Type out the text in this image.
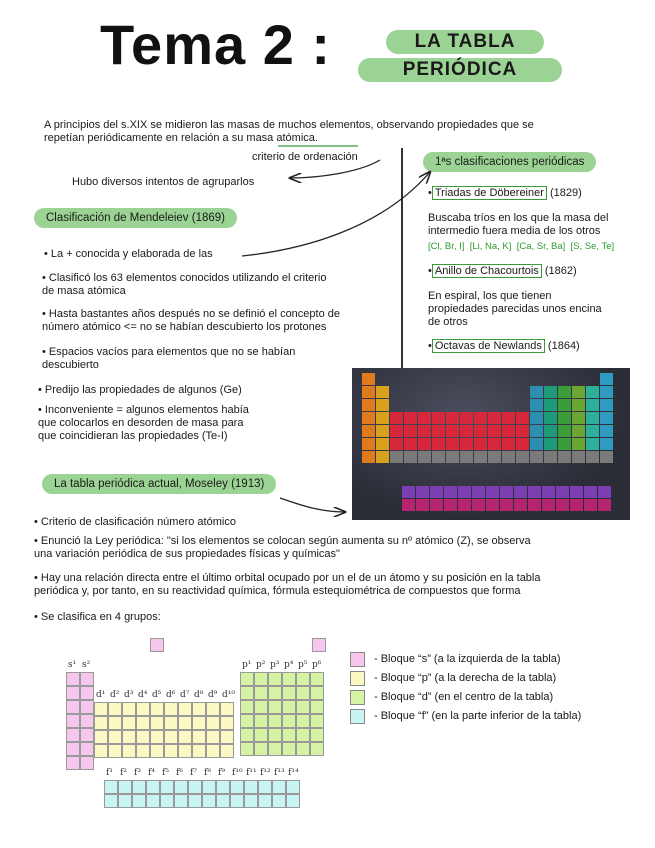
Tema 2 :	LA TABLA
PERIÓDICA
A principios del s.XIX se midieron las masas de muchos elementos, observando propiedades que se
repetían periódicamente en relación a su masa atómica.
criterio de ordenación
Hubo diversos intentos de agruparlos
Clasificación de Mendeleiev (1869)
• La + conocida y elaborada de las
• Clasificó los 63 elementos conocidos utilizando el criterio
de masa atómica
• Hasta bastantes años después no se definió el concepto de
número atómico <= no se habían descubierto los protones
• Espacios vacíos para elementos que no se habían
descubierto
• Predijo las propiedades de algunos (Ge)
• Inconveniente = algunos elementos había
que colocarlos en desorden de masa para
que coincidieran las propiedades (Te-I)
1ªs clasificaciones periódicas
• Triadas de Döbereiner (1829)
Buscaba tríos en los que la masa del
intermedio fuera media de los otros
[Cl, Br, I]  [Li, Na, K]  [Ca, Sr, Ba]  [S, Se, Te]
• Anillo de Chacourtois (1862)
En espiral, los que tienen
propiedades parecidas unos encina
de otros
• Octavas de Newlands (1864)
La tabla periódica actual, Moseley (1913)
• Criterio de clasificación número atómico
• Enunció la Ley periódica: "si los elementos se colocan según aumenta su nº atómico (Z), se observa
una variación periódica de sus propiedades físicas y químicas"
• Hay una relación directa entre el último orbital ocupado por un el de un átomo y su posición en la tabla
periódica y, por tanto, en su reactividad química, fórmula estequiométrica de compuestos que forma
• Se clasifica en 4 grupos:
s¹ s²
d¹ d² d³ d⁴ d⁵ d⁶ d⁷ d⁸ d⁹ d¹⁰
p¹ p² p³ p⁴ p⁵ p⁶
f¹ f² f³ f⁴ f⁵ f⁶ f⁷ f⁸ f⁹ f¹⁰ f¹¹ f¹² f¹³ f¹⁴
- Bloque “s” (a la izquierda de la tabla)
- Bloque “p” (a la derecha de la tabla)
- Bloque “d” (en el centro de la tabla)
- Bloque “f” (en la parte inferior de la tabla)
